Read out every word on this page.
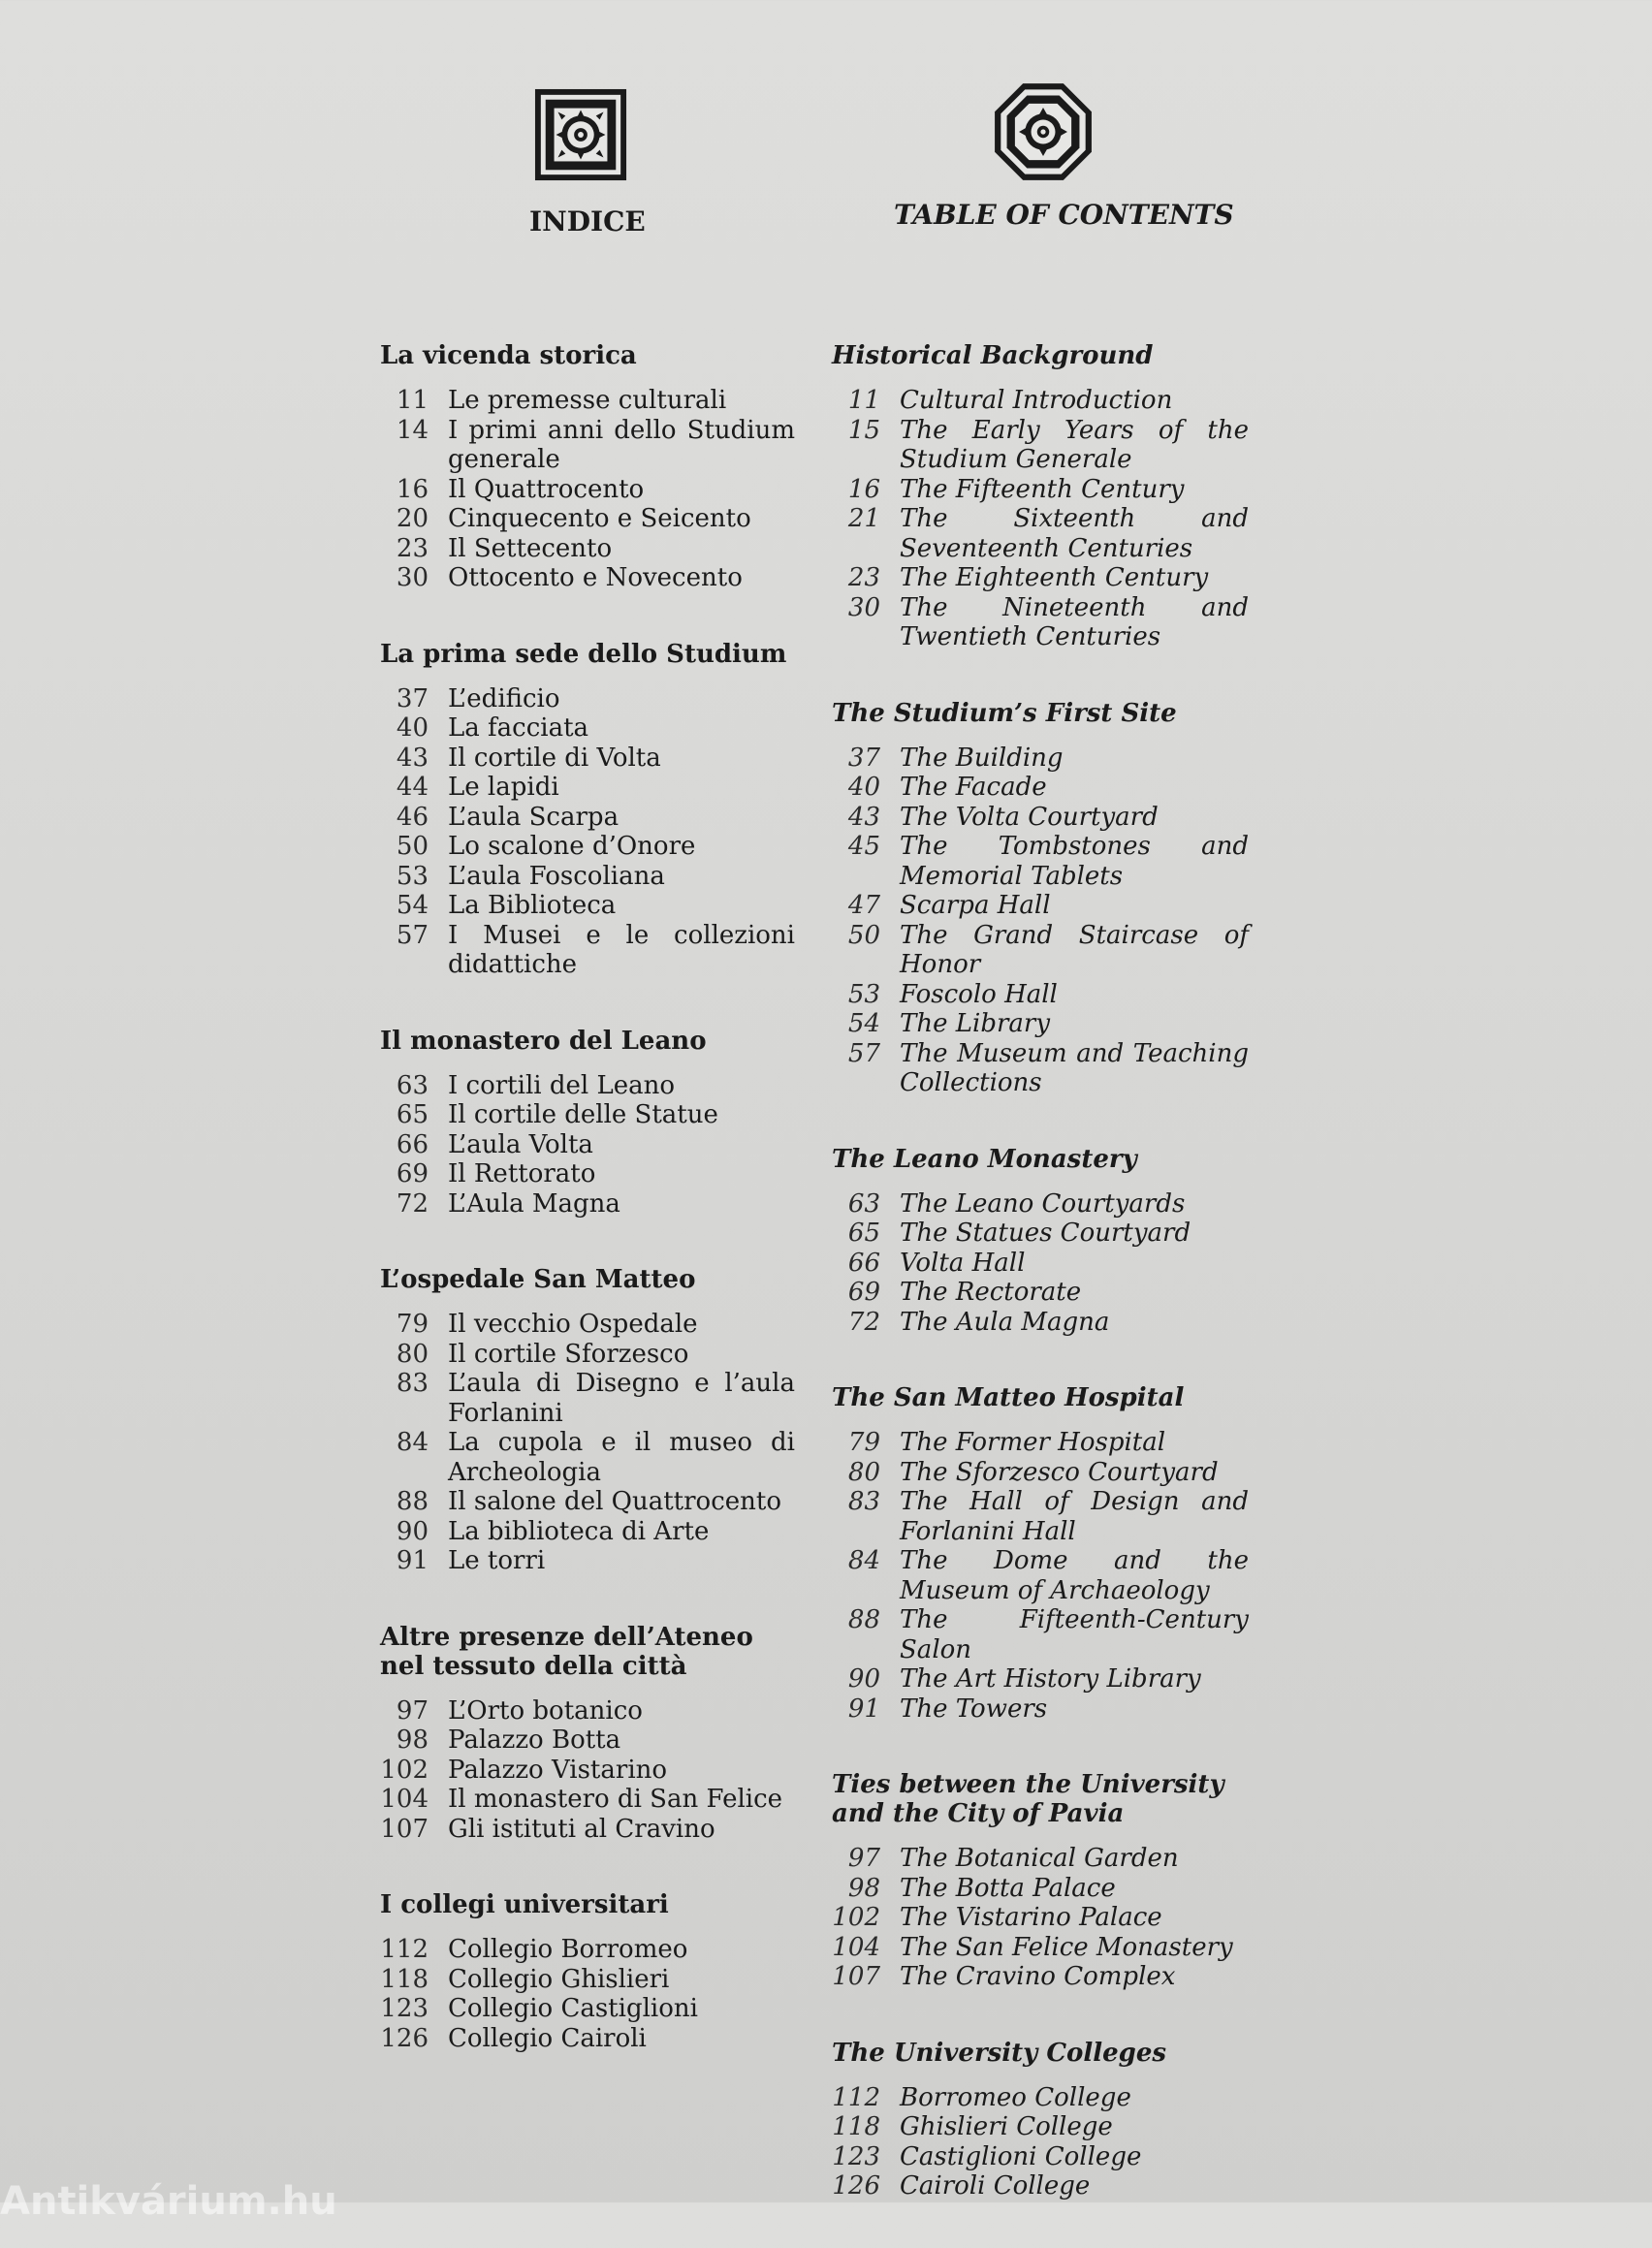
INDICE	TABLE OF CONTENTS
La vicenda storica
11 Le premesse culturali
14 I primi anni dello Studium generale
16 Il Quattrocento
20 Cinquecento e Seicento
23 Il Settecento
30 Ottocento e Novecento
La prima sede dello Studium
37 L’edificio
40 La facciata
43 Il cortile di Volta
44 Le lapidi
46 L’aula Scarpa
50 Lo scalone d’Onore
53 L’aula Foscoliana
54 La Biblioteca
57 I Musei e le collezioni didattiche
Il monastero del Leano
63 I cortili del Leano
65 Il cortile delle Statue
66 L’aula Volta
69 Il Rettorato
72 L’Aula Magna
L’ospedale San Matteo
79 Il vecchio Ospedale
80 Il cortile Sforzesco
83 L’aula di Disegno e l’aula Forlanini
84 La cupola e il museo di Archeologia
88 Il salone del Quattrocento
90 La biblioteca di Arte
91 Le torri
Altre presenze dell’Ateneo nel tessuto della città
97 L’Orto botanico
98 Palazzo Botta
102 Palazzo Vistarino
104 Il monastero di San Felice
107 Gli istituti al Cravino
I collegi universitari
112 Collegio Borromeo
118 Collegio Ghislieri
123 Collegio Castiglioni
126 Collegio Cairoli
Historical Background
11 Cultural Introduction
15 The Early Years of the Studium Generale
16 The Fifteenth Century
21 The Sixteenth and Seventeenth Centuries
23 The Eighteenth Century
30 The Nineteenth and Twentieth Centuries
The Studium’s First Site
37 The Building
40 The Facade
43 The Volta Courtyard
45 The Tombstones and Memorial Tablets
47 Scarpa Hall
50 The Grand Staircase of Honor
53 Foscolo Hall
54 The Library
57 The Museum and Teaching Collections
The Leano Monastery
63 The Leano Courtyards
65 The Statues Courtyard
66 Volta Hall
69 The Rectorate
72 The Aula Magna
The San Matteo Hospital
79 The Former Hospital
80 The Sforzesco Courtyard
83 The Hall of Design and Forlanini Hall
84 The Dome and the Museum of Archaeology
88 The Fifteenth-Century Salon
90 The Art History Library
91 The Towers
Ties between the University and the City of Pavia
97 The Botanical Garden
98 The Botta Palace
102 The Vistarino Palace
104 The San Felice Monastery
107 The Cravino Complex
The University Colleges
112 Borromeo College
118 Ghislieri College
123 Castiglioni College
126 Cairoli College
Antikvárium.hu
